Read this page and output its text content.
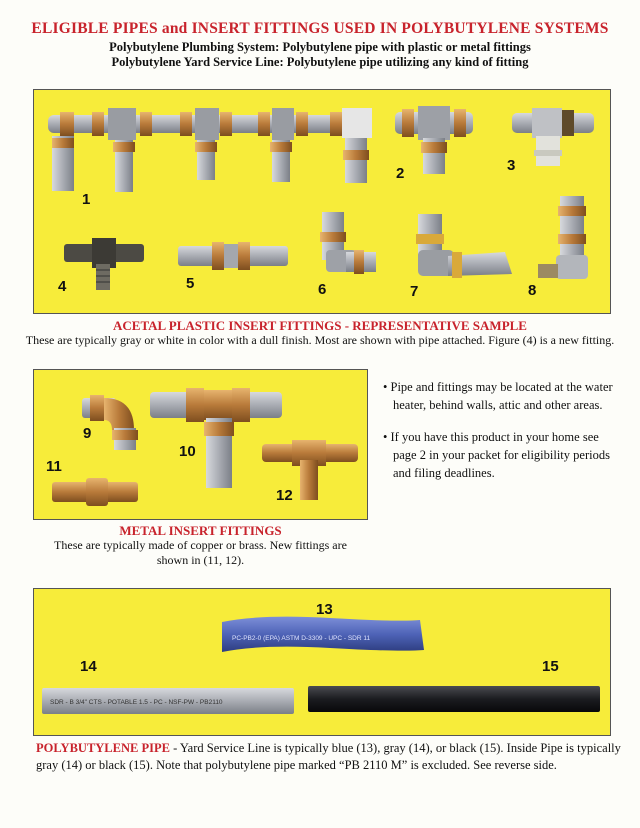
ELIGIBLE PIPES and INSERT FITTINGS USED IN POLYBUTYLENE SYSTEMS
Polybutylene Plumbing System: Polybutylene pipe with plastic or metal fittings
Polybutylene Yard Service Line: Polybutylene pipe utilizing any kind of fitting
PC-PB2-0 (EPA) ASTM D-3309 - UPC - SDR 11
SDR - B 3/4" CTS - POTABLE 1.5 - PC - NSF-PW - PB2110
1
2	3
4	5	6	7	8
ACETAL PLASTIC INSERT FITTINGS - REPRESENTATIVE SAMPLE
These are typically gray or white in color with a dull finish. Most are shown with pipe attached. Figure (4) is a new fitting.
9
10
11
12
METAL INSERT FITTINGS
These are typically made of copper or brass. New fittings are
shown in (11, 12).

• Pipe and fittings may be located at the water heater, behind walls, attic and other areas.

• If you have this product in your home see page 2 in your packet for eligibility periods and filing deadlines.

13
14	15
POLYBUTYLENE PIPE - Yard Service Line is typically blue (13), gray (14), or black (15). Inside Pipe is typically gray (14) or black (15). Note that polybutylene pipe marked “PB 2110 M” is excluded. See reverse side.
